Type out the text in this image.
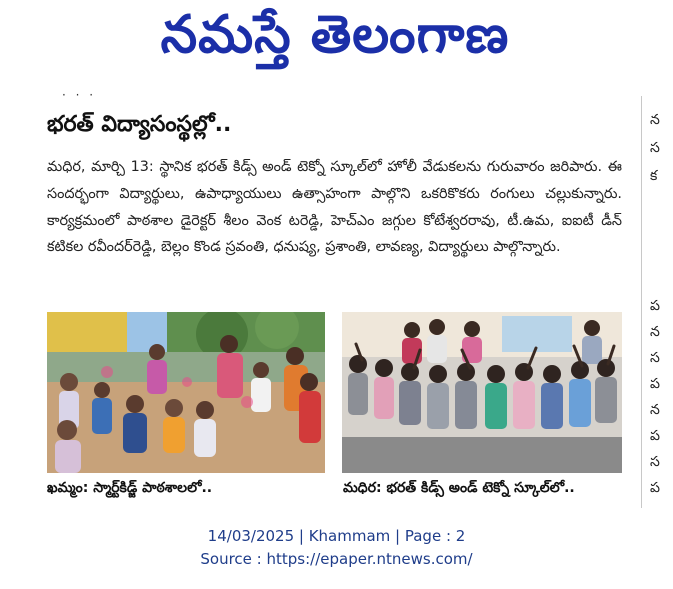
నమస్తే తెలంగాణ
· · ·
న
స
క
ప
న
స
ప
న
ప
స
ప
భరత్ విద్యాసంస్థల్లో..
మధిర, మార్చి 13: స్థానిక భరత్ కిడ్స్ అండ్ టెక్నో స్కూల్‌లో హోలీ వేడుకలను గురువారం జరిపారు. ఈ సందర్భంగా విద్యార్థులు, ఉపాధ్యాయులు ఉత్సాహంగా పాల్గొని ఒకరికొకరు రంగులు చల్లుకున్నారు. కార్యక్రమంలో పాఠశాల డైరెక్టర్ శీలం వెంక టరెడ్డి, హెచ్‌ఎం జగ్గుల కోటేశ్వరరావు, టీ.ఉమ, ఐఐటీ డీన్ కటికల రవీందర్‌రెడ్డి, బెల్లం కొండ స్రవంతి, ధనుష్య, ప్రశాంతి, లావణ్య, విద్యార్థులు పాల్గొన్నారు.
ఖమ్మం: స్మార్ట్‌కిడ్జ్ పాఠశాలలో..	మధిర: భరత్ కిడ్స్ అండ్ టెక్నో స్కూల్‌లో..
14/03/2025 | Khammam | Page : 2
Source : https://epaper.ntnews.com/
